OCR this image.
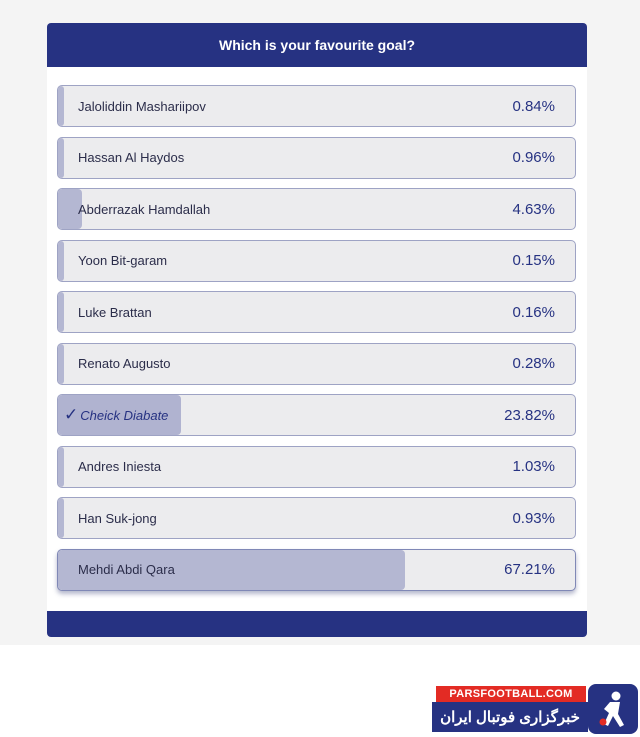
Which is your favourite goal?
Jaloliddin Mashariipov	0.84%
Hassan Al Haydos	0.96%
Abderrazak Hamdallah	4.63%
Yoon Bit-garam	0.15%
Luke Brattan	0.16%
Renato Augusto	0.28%
✓ Cheick Diabate	23.82%
Andres Iniesta	1.03%
Han Suk-jong	0.93%
Mehdi Abdi Qara	67.21%
PARSFOOTBALL.COM
خبرگزاری فوتبال ایران
